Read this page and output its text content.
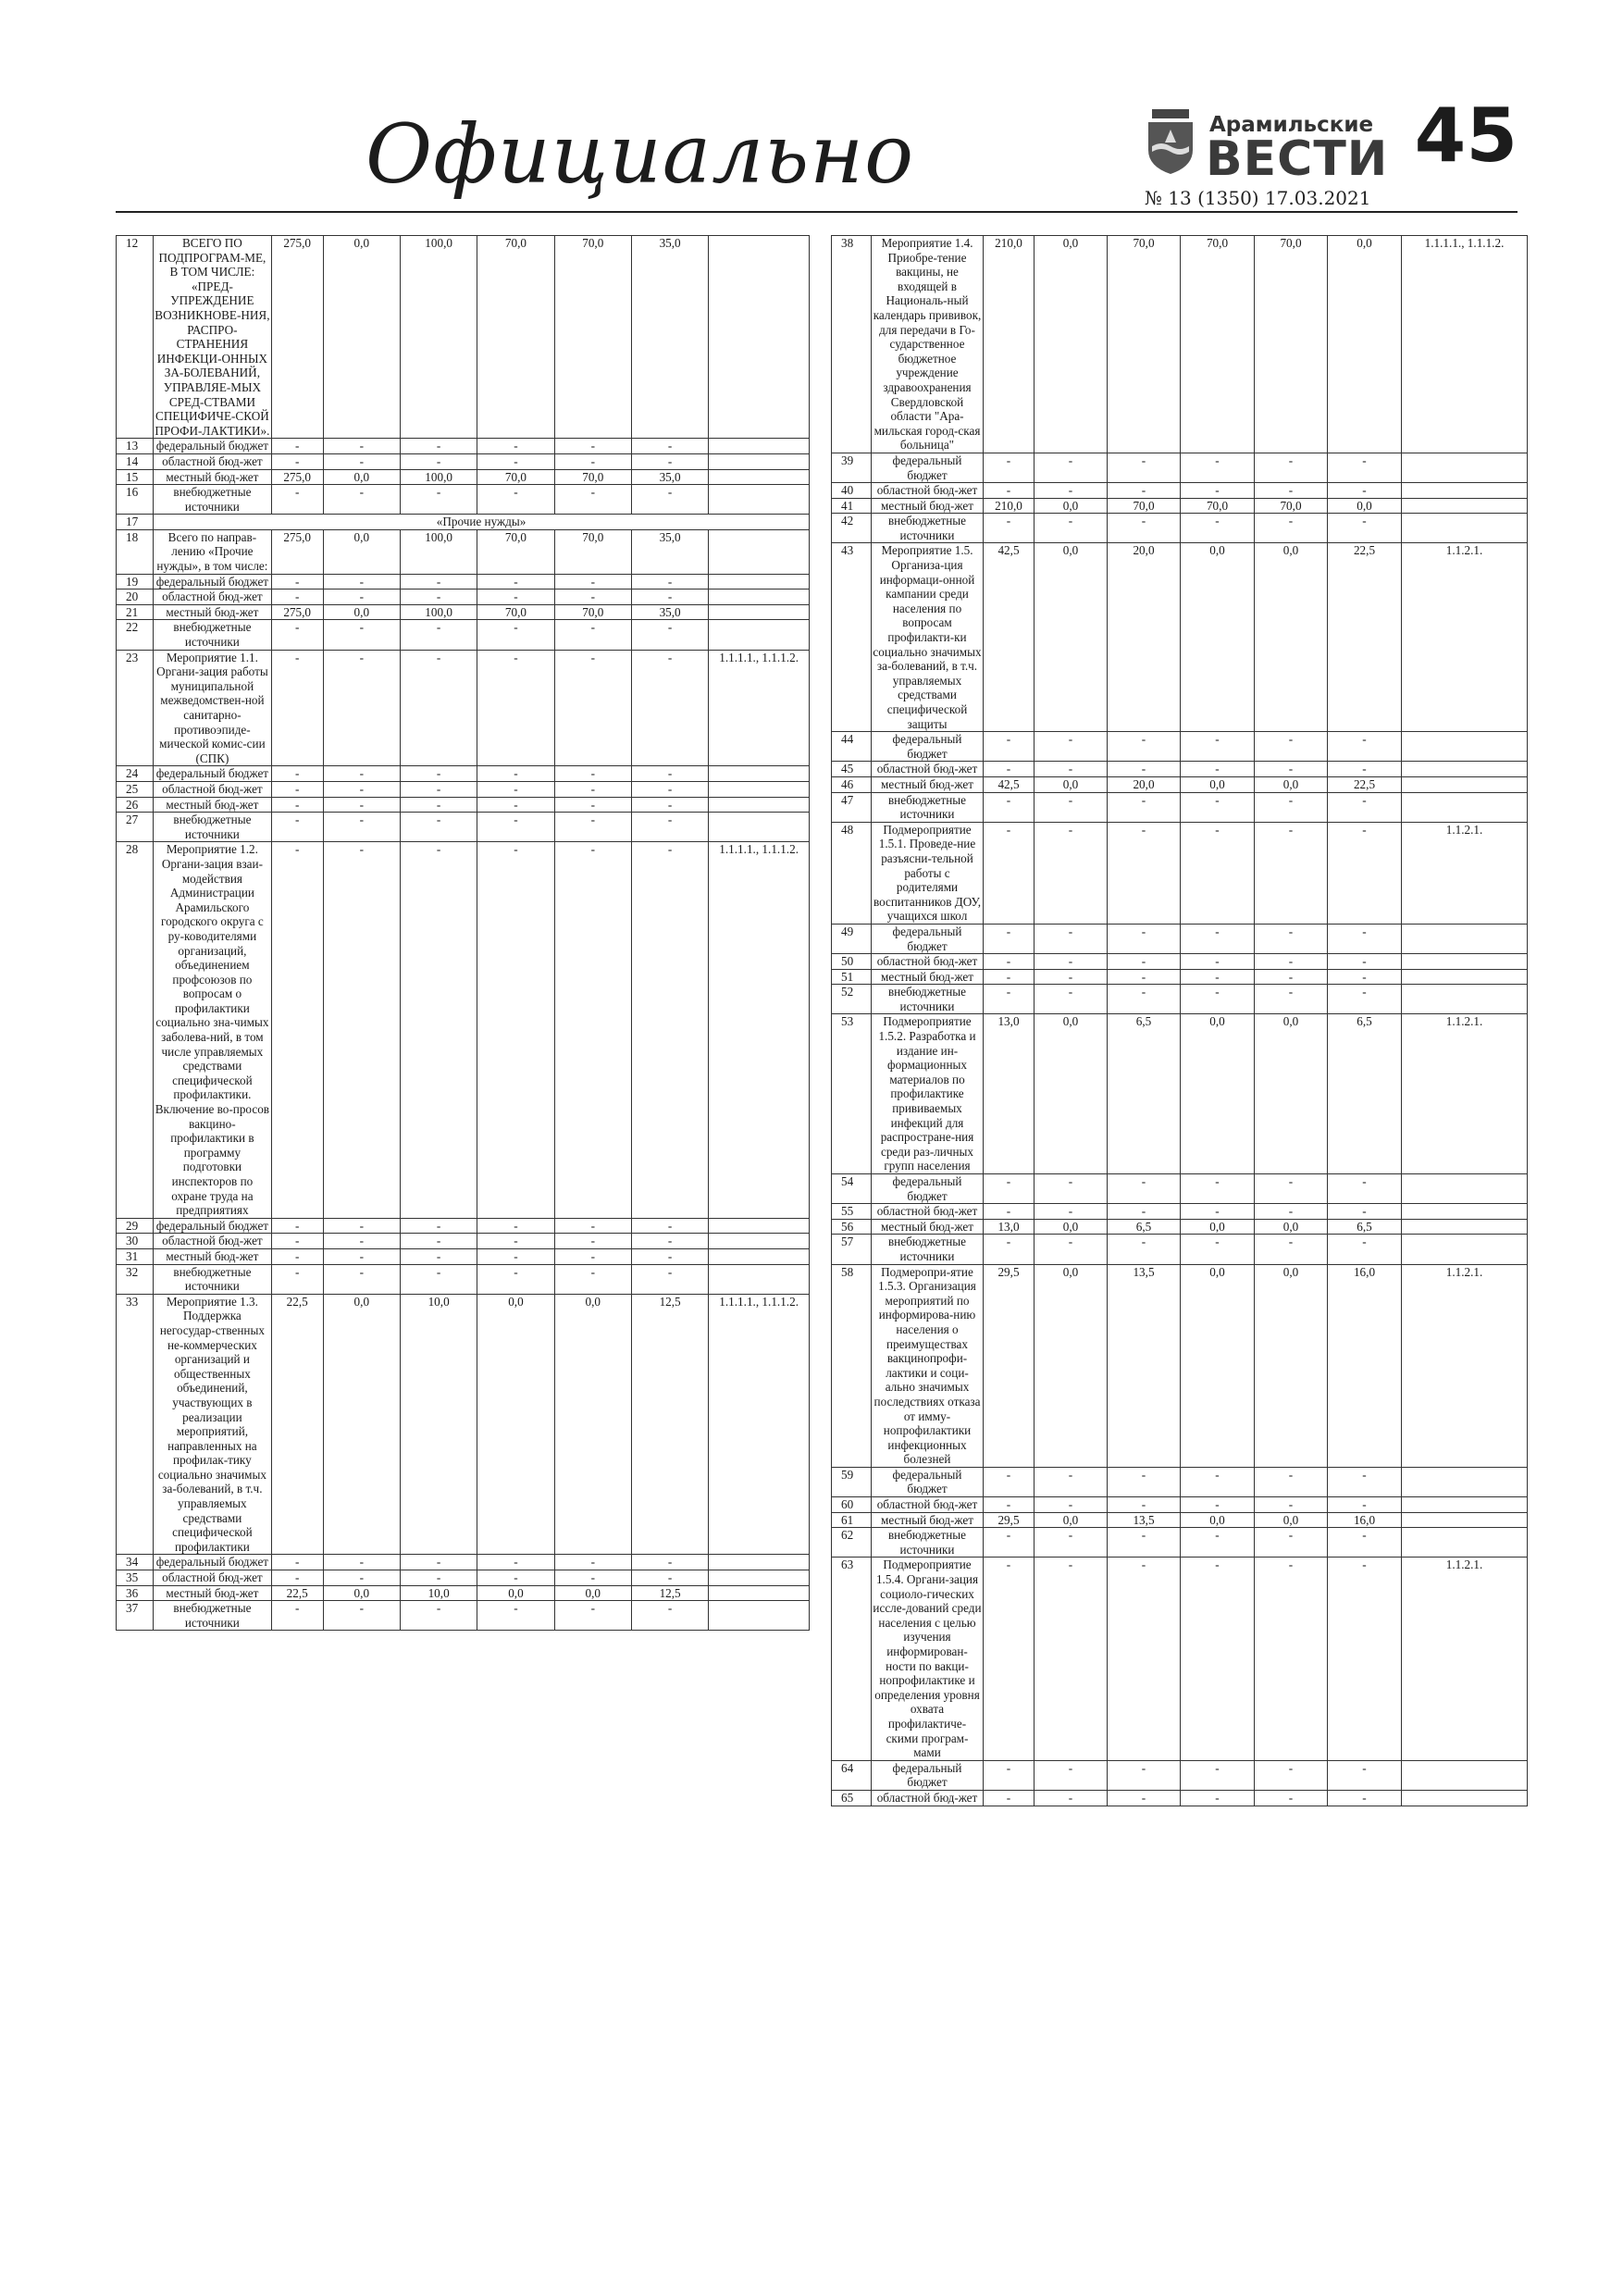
Официально	Арамильские
ВЕСТИ
№ 13 (1350) 17.03.2021
45
12	ВСЕГО ПО ПОДПРОГРАМ-МЕ, В ТОМ ЧИСЛЕ: «ПРЕД-УПРЕЖДЕНИЕ ВОЗНИКНОВЕ-НИЯ, РАСПРО-СТРАНЕНИЯ ИНФЕКЦИ-ОННЫХ ЗА-БОЛЕВАНИЙ, УПРАВЛЯЕ-МЫХ СРЕД-СТВАМИ СПЕЦИФИЧЕ-СКОЙ ПРОФИ-ЛАКТИКИ».	275,0	0,0	100,0	70,0	70,0	35,0	
13	федеральный бюджет	-	-	-	-	-	-	
14	областной бюд-жет	-	-	-	-	-	-	
15	местный бюд-жет	275,0	0,0	100,0	70,0	70,0	35,0	
16	внебюджетные источники	-	-	-	-	-	-	
17	«Прочие нужды»							
18	Всего по направ-лению «Прочие нужды», в том числе:	275,0	0,0	100,0	70,0	70,0	35,0	
19	федеральный бюджет	-	-	-	-	-	-	
20	областной бюд-жет	-	-	-	-	-	-	
21	местный бюд-жет	275,0	0,0	100,0	70,0	70,0	35,0	
22	внебюджетные источники	-	-	-	-	-	-	
23	Мероприятие 1.1. Органи-зация работы муниципальной межведомствен-ной санитарно-противоэпиде-мической комис-сии (СПК)	-	-	-	-	-	-	1.1.1.1., 1.1.1.2.
24	федеральный бюджет	-	-	-	-	-	-	
25	областной бюд-жет	-	-	-	-	-	-	
26	местный бюд-жет	-	-	-	-	-	-	
27	внебюджетные источники	-	-	-	-	-	-	
28	Мероприятие 1.2. Органи-зация взаи-модействия Администрации Арамильского городского округа с ру-ководителями организаций, объединением профсоюзов по вопросам о профилактики социально зна-чимых заболева-ний, в том числе управляемых средствами специфической профилактики. Включение во-просов вакцино-профилактики в программу подготовки инспекторов по охране труда на предприятиях	-	-	-	-	-	-	1.1.1.1., 1.1.1.2.
29	федеральный бюджет	-	-	-	-	-	-	
30	областной бюд-жет	-	-	-	-	-	-	
31	местный бюд-жет	-	-	-	-	-	-	
32	внебюджетные источники	-	-	-	-	-	-	
33	Мероприятие 1.3. Поддержка негосудар-ственных не-коммерческих организаций и общественных объединений, участвующих в реализации мероприятий, направленных на профилак-тику социально значимых за-болеваний, в т.ч. управляемых средствами специфической профилактики	22,5	0,0	10,0	0,0	0,0	12,5	1.1.1.1., 1.1.1.2.
34	федеральный бюджет	-	-	-	-	-	-	
35	областной бюд-жет	-	-	-	-	-	-	
36	местный бюд-жет	22,5	0,0	10,0	0,0	0,0	12,5	
37	внебюджетные источники	-	-	-	-	-	-	
38	Мероприятие 1.4. Приобре-тение вакцины, не входящей в Националь-ный календарь прививок, для передачи в Го-сударственное бюджетное учреждение здравоохранения Свердловской области "Ара-мильская город-ская больница"	210,0	0,0	70,0	70,0	70,0	0,0	1.1.1.1., 1.1.1.2.
39	федеральный бюджет	-	-	-	-	-	-	
40	областной бюд-жет	-	-	-	-	-	-	
41	местный бюд-жет	210,0	0,0	70,0	70,0	70,0	0,0	
42	внебюджетные источники	-	-	-	-	-	-	
43	Мероприятие 1.5. Организа-ция информаци-онной кампании среди населения по вопросам профилакти-ки социально значимых за-болеваний, в т.ч. управляемых средствами специфической защиты	42,5	0,0	20,0	0,0	0,0	22,5	1.1.2.1.
44	федеральный бюджет	-	-	-	-	-	-	
45	областной бюд-жет	-	-	-	-	-	-	
46	местный бюд-жет	42,5	0,0	20,0	0,0	0,0	22,5	
47	внебюджетные источники	-	-	-	-	-	-	
48	Подмероприятие 1.5.1. Проведе-ние разъясни-тельной работы с родителями воспитанников ДОУ, учащихся школ	-	-	-	-	-	-	1.1.2.1.
49	федеральный бюджет	-	-	-	-	-	-	
50	областной бюд-жет	-	-	-	-	-	-	
51	местный бюд-жет	-	-	-	-	-	-	
52	внебюджетные источники	-	-	-	-	-	-	
53	Подмероприятие 1.5.2. Разработка и издание ин-формационных материалов по профилактике прививаемых инфекций для распростране-ния среди раз-личных групп населения	13,0	0,0	6,5	0,0	0,0	6,5	1.1.2.1.
54	федеральный бюджет	-	-	-	-	-	-	
55	областной бюд-жет	-	-	-	-	-	-	
56	местный бюд-жет	13,0	0,0	6,5	0,0	0,0	6,5	
57	внебюджетные источники	-	-	-	-	-	-	
58	Подмеропри-ятие 1.5.3. Организация мероприятий по информирова-нию населения о преимуществах вакцинопрофи-лактики и соци-ально значимых последствиях отказа от имму-нопрофилактики инфекционных болезней	29,5	0,0	13,5	0,0	0,0	16,0	1.1.2.1.
59	федеральный бюджет	-	-	-	-	-	-	
60	областной бюд-жет	-	-	-	-	-	-	
61	местный бюд-жет	29,5	0,0	13,5	0,0	0,0	16,0	
62	внебюджетные источники	-	-	-	-	-	-	
63	Подмероприятие 1.5.4. Органи-зация социоло-гических иссле-дований среди населения с целью изучения информирован-ности по вакци-нопрофилактике и определения уровня охвата профилактиче-скими програм-мами	-	-	-	-	-	-	1.1.2.1.
64	федеральный бюджет	-	-	-	-	-	-	
65	областной бюд-жет	-	-	-	-	-	-	
